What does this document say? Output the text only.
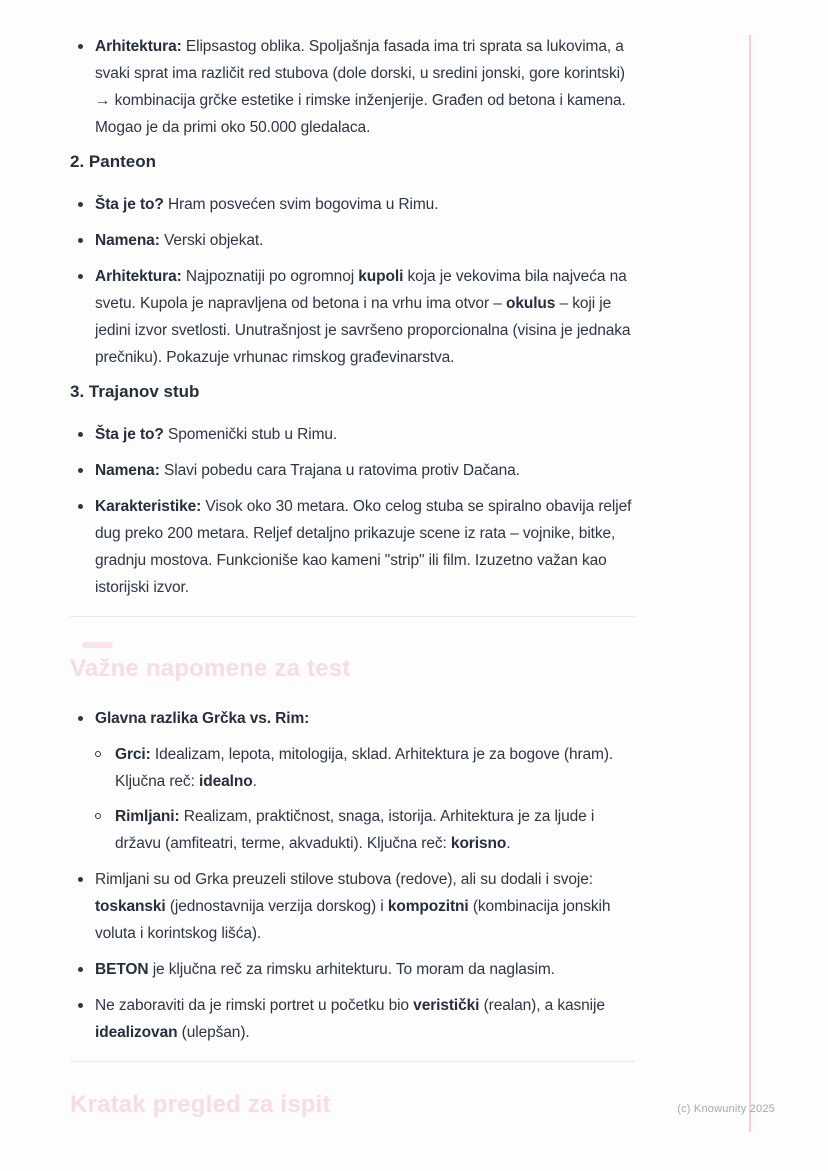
Arhitektura: Elipsastog oblika. Spoljašnja fasada ima tri sprata sa lukovima, a svaki sprat ima različit red stubova (dole dorski, u sredini jonski, gore korintski) → kombinacija grčke estetike i rimske inženjerije. Građen od betona i kamena. Mogao je da primi oko 50.000 gledalaca.
2. Panteon
Šta je to? Hram posvećen svim bogovima u Rimu.
Namena: Verski objekat.
Arhitektura: Najpoznatiji po ogromnoj kupoli koja je vekovima bila najveća na svetu. Kupola je napravljena od betona i na vrhu ima otvor – okulus – koji je jedini izvor svetlosti. Unutrašnjost je savršeno proporcionalna (visina je jednaka prečniku). Pokazuje vrhunac rimskog građevinarstva.
3. Trajanov stub
Šta je to? Spomenički stub u Rimu.
Namena: Slavi pobedu cara Trajana u ratovima protiv Dačana.
Karakteristike: Visok oko 30 metara. Oko celog stuba se spiralno obavija reljef dug preko 200 metara. Reljef detaljno prikazuje scene iz rata – vojnike, bitke, gradnju mostova. Funkcioniše kao kameni "strip" ili film. Izuzetno važan kao istorijski izvor.
Važne napomene za test
Glavna razlika Grčka vs. Rim:
Grci: Idealizam, lepota, mitologija, sklad. Arhitektura je za bogove (hram). Ključna reč: idealno.
Rimljani: Realizam, praktičnost, snaga, istorija. Arhitektura je za ljude i državu (amfiteatri, terme, akvadukti). Ključna reč: korisno.
Rimljani su od Grka preuzeli stilove stubova (redove), ali su dodali i svoje: toskanski (jednostavnija verzija dorskog) i kompozitni (kombinacija jonskih voluta i korintskog lišća).
BETON je ključna reč za rimsku arhitekturu. To moram da naglasim.
Ne zaboraviti da je rimski portret u početku bio veristički (realan), a kasnije idealizovan (ulepšan).
Kratak pregled za ispit	(c) Knowunity 2025
